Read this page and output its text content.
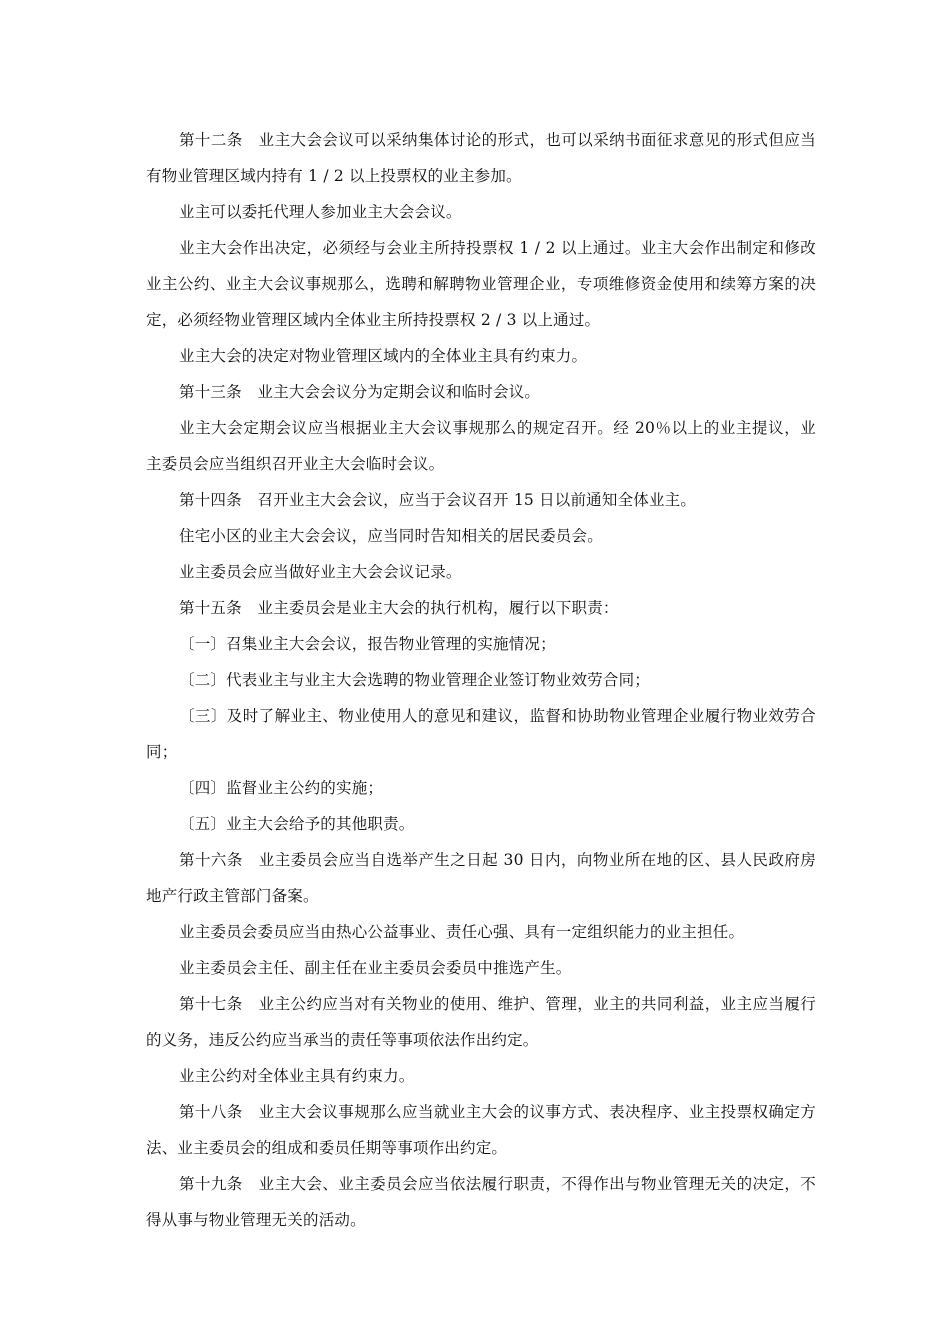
第十二条　业主大会会议可以采纳集体讨论的形式，也可以采纳书面征求意见的形式但应当有物业管理区域内持有 1 / 2 以上投票权的业主参加。

业主可以委托代理人参加业主大会会议。

业主大会作出决定，必须经与会业主所持投票权 1 / 2 以上通过。业主大会作出制定和修改业主公约、业主大会议事规那么，选聘和解聘物业管理企业，专项维修资金使用和续筹方案的决定，必须经物业管理区域内全体业主所持投票权 2 / 3 以上通过。

业主大会的决定对物业管理区域内的全体业主具有约束力。

第十三条　业主大会会议分为定期会议和临时会议。

业主大会定期会议应当根据业主大会议事规那么的规定召开。经 20％以上的业主提议，业主委员会应当组织召开业主大会临时会议。

第十四条　召开业主大会会议，应当于会议召开 15 日以前通知全体业主。

住宅小区的业主大会会议，应当同时告知相关的居民委员会。

业主委员会应当做好业主大会会议记录。

第十五条　业主委员会是业主大会的执行机构，履行以下职责：

〔一〕召集业主大会会议，报告物业管理的实施情况；

〔二〕代表业主与业主大会选聘的物业管理企业签订物业效劳合同；

〔三〕及时了解业主、物业使用人的意见和建议，监督和协助物业管理企业履行物业效劳合同；

〔四〕监督业主公约的实施；

〔五〕业主大会给予的其他职责。

第十六条　业主委员会应当自选举产生之日起 30 日内，向物业所在地的区、县人民政府房地产行政主管部门备案。

业主委员会委员应当由热心公益事业、责任心强、具有一定组织能力的业主担任。

业主委员会主任、副主任在业主委员会委员中推选产生。

第十七条　业主公约应当对有关物业的使用、维护、管理，业主的共同利益，业主应当履行的义务，违反公约应当承当的责任等事项依法作出约定。

业主公约对全体业主具有约束力。

第十八条　业主大会议事规那么应当就业主大会的议事方式、表决程序、业主投票权确定方法、业主委员会的组成和委员任期等事项作出约定。

第十九条　业主大会、业主委员会应当依法履行职责，不得作出与物业管理无关的决定，不得从事与物业管理无关的活动。
